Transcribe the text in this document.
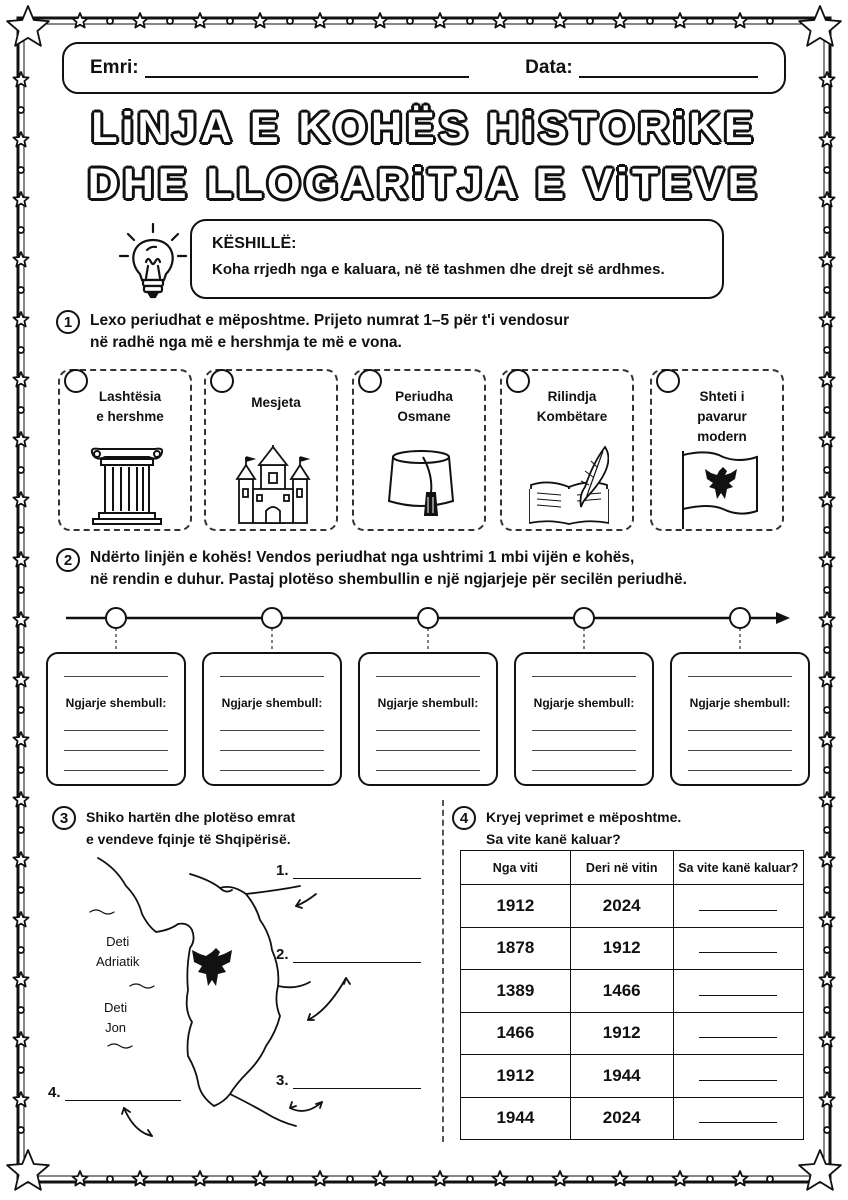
Emri:	Data:
LiNJA E KOHËS HiSTORiKE
DHE LLOGARiTJA E ViTEVE
KËSHILLË:
Koha rrjedh nga e kaluara, në të tashmen dhe drejt së ardhmes.
1	Lexo periudhat e mëposhtme. Prijeto numrat 1–5 për t'i vendosur
në radhë nga më e hershmja te më e vona.
Lashtësia
e hershme
Mesjeta	Periudha
Osmane
Rilindja
Kombëtare
Shteti i
pavarur
modern
2	Ndërto linjën e kohës! Vendos periudhat nga ushtrimi 1 mbi vijën e kohës,
në rendin e duhur. Pastaj plotëso shembullin e një ngjarjeje për secilën periudhë.
Ngjarje shembull:	Ngjarje shembull:	Ngjarje shembull:	Ngjarje shembull:	Ngjarje shembull:
3	Shiko hartën dhe plotëso emrat
e vendeve fqinje të Shqipërisë.
Deti
Adriatik
Deti
Jon
1.
2.
3.
4.
4	Kryej veprimet e mëposhtme.
Sa vite kanë kaluar?
Nga viti	Deri në vitin	Sa vite kanë kaluar?
1912	2024	
1878	1912	
1389	1466	
1466	1912	
1912	1944	
1944	2024	
